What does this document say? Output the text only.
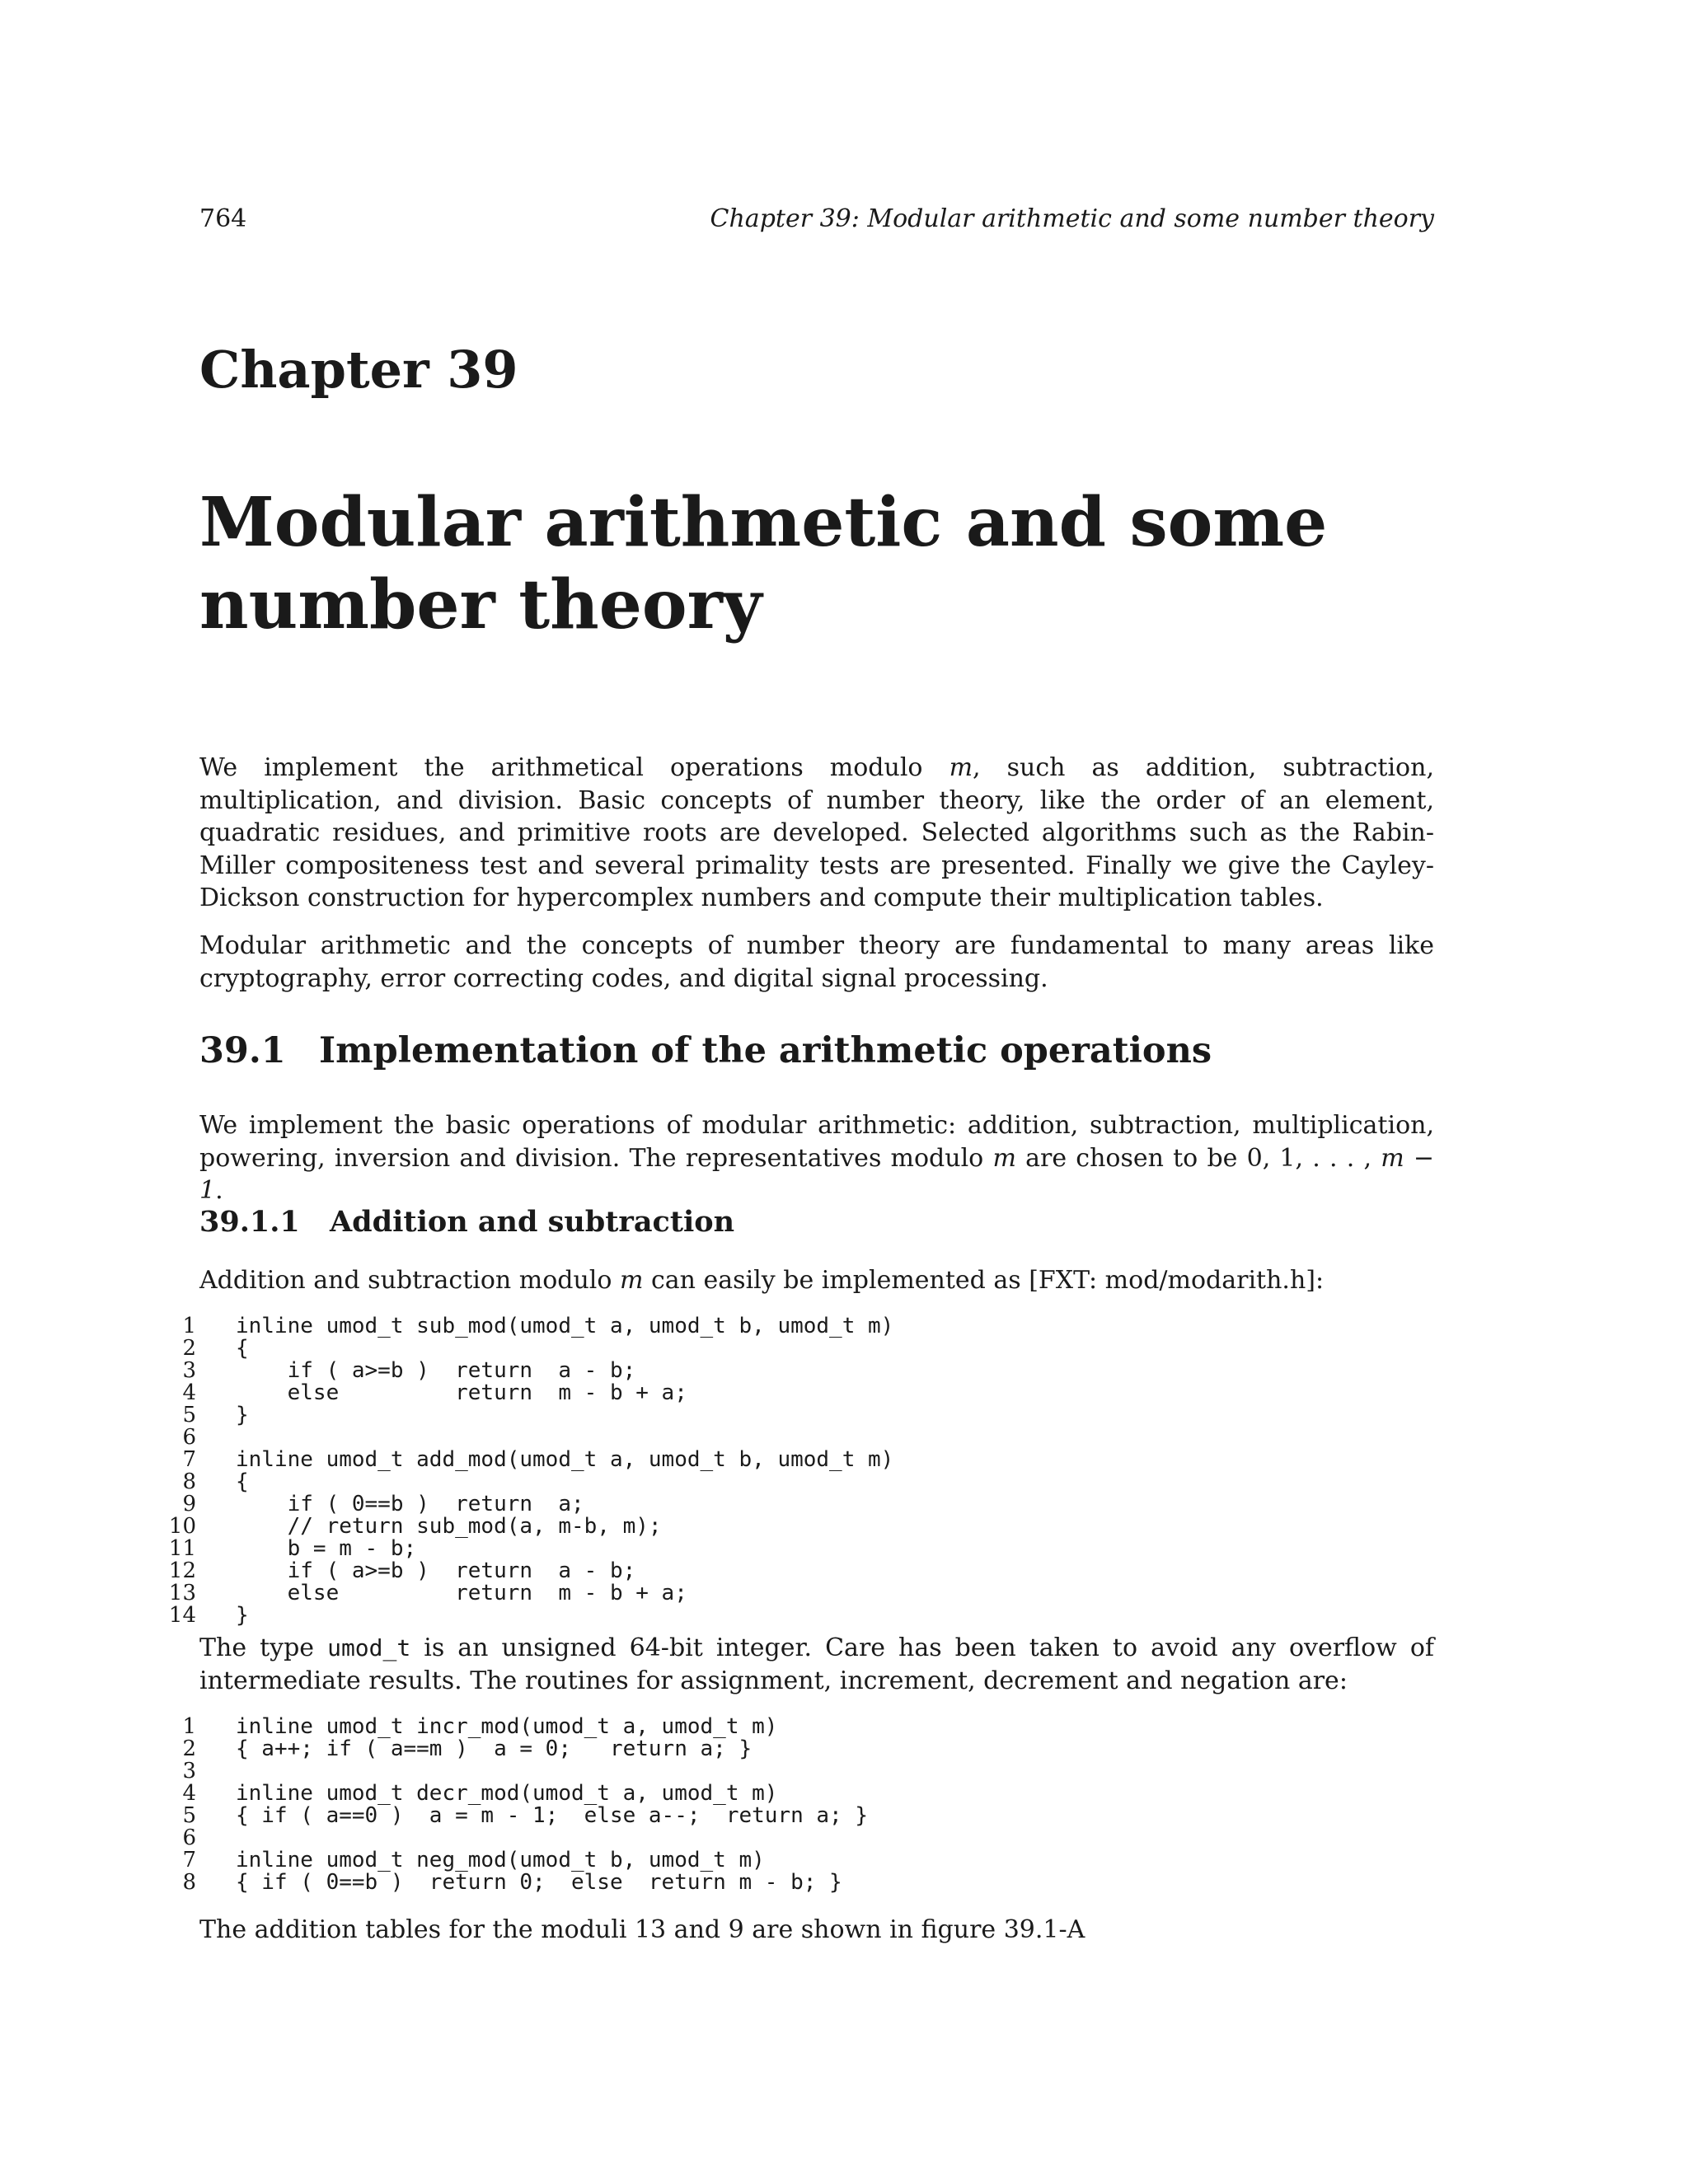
764	Chapter 39: Modular arithmetic and some number theory
Chapter 39
Modular arithmetic and some number theory
We implement the arithmetical operations modulo m, such as addition, subtraction, multiplication, and division. Basic concepts of number theory, like the order of an element, quadratic residues, and primitive roots are developed. Selected algorithms such as the Rabin-Miller compositeness test and several primality tests are presented. Finally we give the Cayley-Dickson construction for hypercomplex numbers and compute their multiplication tables.
Modular arithmetic and the concepts of number theory are fundamental to many areas like cryptography, error correcting codes, and digital signal processing.
39.1 Implementation of the arithmetic operations
We implement the basic operations of modular arithmetic: addition, subtraction, multiplication, powering, inversion and division. The representatives modulo m are chosen to be 0, 1, . . . , m − 1.
39.1.1 Addition and subtraction
Addition and subtraction modulo m can easily be implemented as [FXT: mod/modarith.h]:
1 inline umod_t sub_mod(umod_t a, umod_t b, umod_t m)
2 {
3    if ( a>=b )  return  a - b;
4    else         return  m - b + a;
5 }
6
7 inline umod_t add_mod(umod_t a, umod_t b, umod_t m)
8 {
9    if ( 0==b )  return  a;
10    // return sub_mod(a, m-b, m);
11    b = m - b;
12    if ( a>=b )  return  a - b;
13    else         return  m - b + a;
14 }
The type umod_t is an unsigned 64-bit integer. Care has been taken to avoid any overflow of intermediate results. The routines for assignment, increment, decrement and negation are:
1 inline umod_t incr_mod(umod_t a, umod_t m)
2 { a++; if ( a==m )  a = 0;   return a; }
3
4 inline umod_t decr_mod(umod_t a, umod_t m)
5 { if ( a==0 )  a = m - 1;  else a--;  return a; }
6
7 inline umod_t neg_mod(umod_t b, umod_t m)
8 { if ( 0==b )  return 0;  else  return m - b; }
The addition tables for the moduli 13 and 9 are shown in figure 39.1-A
